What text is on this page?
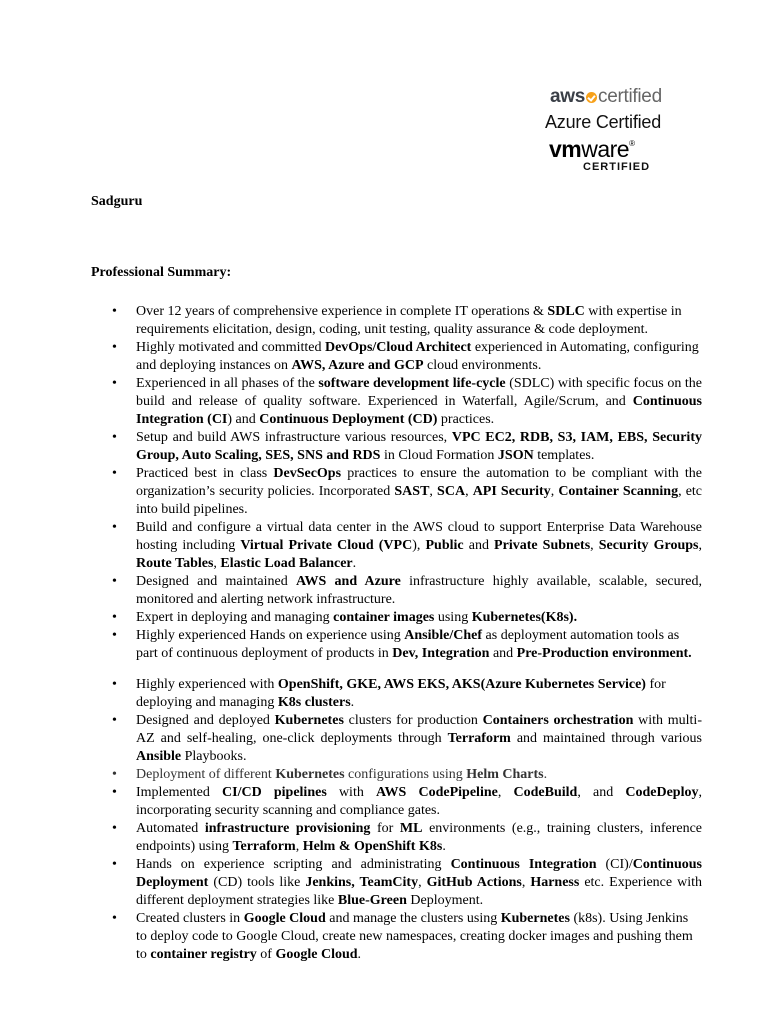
aws certified
Azure Certified
vmware®
CERTIFIED
Sadguru
Professional Summary:
• Over 12 years of comprehensive experience in complete IT operations & SDLC with expertise in requirements elicitation, design, coding, unit testing, quality assurance & code deployment.
• Highly motivated and committed DevOps/Cloud Architect experienced in Automating, configuring and deploying instances on AWS, Azure and GCP cloud environments.
• Experienced in all phases of the software development life-cycle (SDLC) with specific focus on the build and release of quality software. Experienced in Waterfall, Agile/Scrum, and Continuous Integration (CI) and Continuous Deployment (CD) practices.
• Setup and build AWS infrastructure various resources, VPC EC2, RDB, S3, IAM, EBS, Security Group, Auto Scaling, SES, SNS and RDS in Cloud Formation JSON templates.
• Practiced best in class DevSecOps practices to ensure the automation to be compliant with the organization’s security policies. Incorporated SAST, SCA, API Security, Container Scanning, etc into build pipelines.
• Build and configure a virtual data center in the AWS cloud to support Enterprise Data Warehouse hosting including Virtual Private Cloud (VPC), Public and Private Subnets, Security Groups, Route Tables, Elastic Load Balancer.
• Designed and maintained AWS and Azure infrastructure highly available, scalable, secured, monitored and alerting network infrastructure.
• Expert in deploying and managing container images using Kubernetes(K8s).
• Highly experienced Hands on experience using Ansible/Chef as deployment automation tools as part of continuous deployment of products in Dev, Integration and Pre-Production environment.
• Highly experienced with OpenShift, GKE, AWS EKS, AKS(Azure Kubernetes Service) for deploying and managing K8s clusters.
• Designed and deployed Kubernetes clusters for production Containers orchestration with multi-AZ and self-healing, one-click deployments through Terraform and maintained through various Ansible Playbooks.
• Deployment of different Kubernetes configurations using Helm Charts.
• Implemented CI/CD pipelines with AWS CodePipeline, CodeBuild, and CodeDeploy, incorporating security scanning and compliance gates.
• Automated infrastructure provisioning for ML environments (e.g., training clusters, inference endpoints) using Terraform, Helm & OpenShift K8s.
• Hands on experience scripting and administrating Continuous Integration (CI)/Continuous Deployment (CD) tools like Jenkins, TeamCity, GitHub Actions, Harness etc. Experience with different deployment strategies like Blue-Green Deployment.
• Created clusters in Google Cloud and manage the clusters using Kubernetes (k8s). Using Jenkins to deploy code to Google Cloud, create new namespaces, creating docker images and pushing them to container registry of Google Cloud.
